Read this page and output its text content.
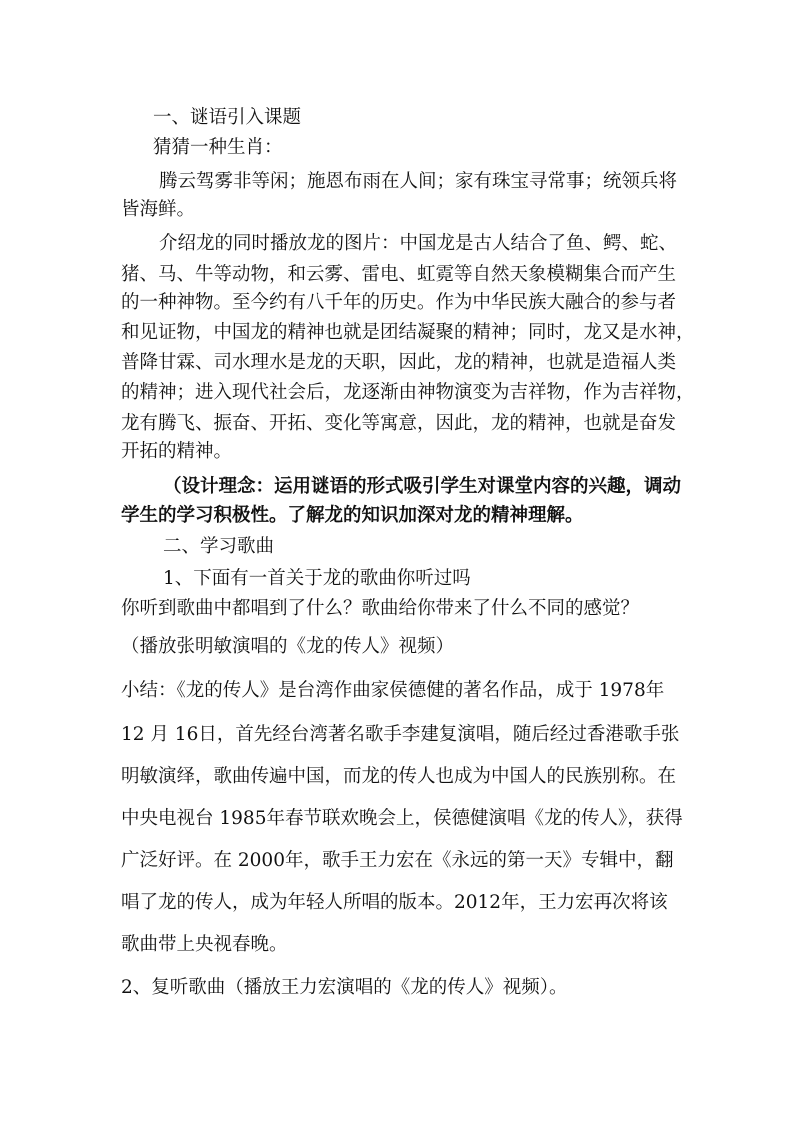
一、谜语引入课题
猜猜一种生肖：
腾云驾雾非等闲；施恩布雨在人间；家有珠宝寻常事；统领兵将
皆海鲜。
介绍龙的同时播放龙的图片：中国龙是古人结合了鱼、鳄、蛇、
猪、马、牛等动物，和云雾、雷电、虹霓等自然天象模糊集合而产生
的一种神物。至今约有八千年的历史。作为中华民族大融合的参与者
和见证物，中国龙的精神也就是团结凝聚的精神；同时，龙又是水神，
普降甘霖、司水理水是龙的天职，因此，龙的精神，也就是造福人类
的精神；进入现代社会后，龙逐渐由神物演变为吉祥物，作为吉祥物，
龙有腾飞、振奋、开拓、变化等寓意，因此，龙的精神，也就是奋发
开拓的精神。
（设计理念：运用谜语的形式吸引学生对课堂内容的兴趣，调动
学生的学习积极性。了解龙的知识加深对龙的精神理解。
二、学习歌曲
1、下面有一首关于龙的歌曲你听过吗
你听到歌曲中都唱到了什么？歌曲给你带来了什么不同的感觉？
（播放张明敏演唱的《龙的传人》视频）
小结：《龙的传人》是台湾作曲家侯德健的著名作品，成于 1978年
12 月 16日，首先经台湾著名歌手李建复演唱，随后经过香港歌手张
明敏演绎，歌曲传遍中国，而龙的传人也成为中国人的民族别称。在
中央电视台 1985年春节联欢晚会上，侯德健演唱《龙的传人》，获得
广泛好评。在 2000年，歌手王力宏在《永远的第一天》专辑中，翻
唱了龙的传人，成为年轻人所唱的版本。2012年，王力宏再次将该
歌曲带上央视春晚。
2、复听歌曲（播放王力宏演唱的《龙的传人》视频）。
